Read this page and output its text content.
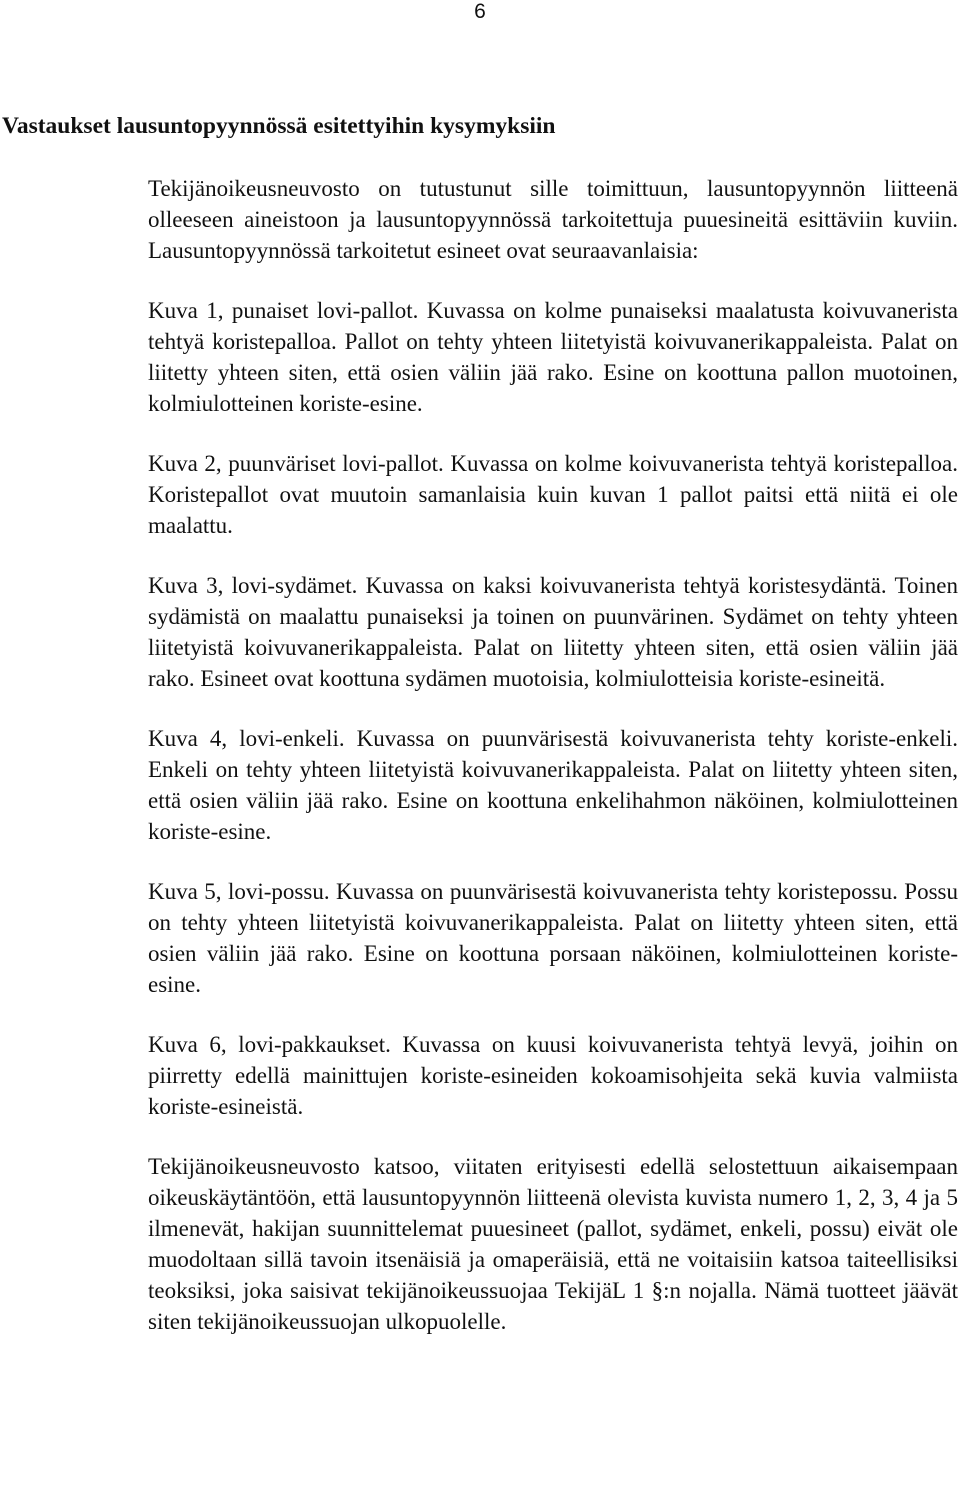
6
Vastaukset lausuntopyynnössä esitettyihin kysymyksiin

Tekijänoikeusneuvosto on tutustunut sille toimittuun, lausuntopyynnön liitteenä olleeseen aineistoon ja lausuntopyynnössä tarkoitettuja puuesineitä esittäviin kuviin. Lausuntopyynnössä tarkoitetut esineet ovat seuraavanlaisia:

Kuva 1, punaiset lovi-pallot. Kuvassa on kolme punaiseksi maalatusta koivuvanerista tehtyä koristepalloa. Pallot on tehty yhteen liitetyistä koivuvanerikappaleista. Palat on liitetty yhteen siten, että osien väliin jää rako. Esine on koottuna pallon muotoinen, kolmiulotteinen koriste-esine.

Kuva 2, puunväriset lovi-pallot. Kuvassa on kolme koivuvanerista tehtyä koristepalloa. Koristepallot ovat muutoin samanlaisia kuin kuvan 1 pallot paitsi että niitä ei ole maalattu.

Kuva 3, lovi-sydämet. Kuvassa on kaksi koivuvanerista tehtyä koristesydäntä. Toinen sydämistä on maalattu punaiseksi ja toinen on puunvärinen. Sydämet on tehty yhteen liitetyistä koivuvanerikappaleista. Palat on liitetty yhteen siten, että osien väliin jää rako. Esineet ovat koottuna sydämen muotoisia, kolmiulotteisia koriste-esineitä.

Kuva 4, lovi-enkeli. Kuvassa on puunvärisestä koivuvanerista tehty koriste-enkeli. Enkeli on tehty yhteen liitetyistä koivuvanerikappaleista. Palat on liitetty yhteen siten, että osien väliin jää rako. Esine on koottuna enkelihahmon näköinen, kolmiulotteinen koriste-esine.

Kuva 5, lovi-possu. Kuvassa on puunvärisestä koivuvanerista tehty koristepossu. Possu on tehty yhteen liitetyistä koivuvanerikappaleista. Palat on liitetty yhteen siten, että osien väliin jää rako. Esine on koottuna porsaan näköinen, kolmiulotteinen koriste-esine.

Kuva 6, lovi-pakkaukset. Kuvassa on kuusi koivuvanerista tehtyä levyä, joihin on piirretty edellä mainittujen koriste-esineiden kokoamisohjeita sekä kuvia valmiista koriste-esineistä.

Tekijänoikeusneuvosto katsoo, viitaten erityisesti edellä selostettuun aikaisempaan oikeuskäytäntöön, että lausuntopyynnön liitteenä olevista kuvista numero 1, 2, 3, 4 ja 5 ilmenevät, hakijan suunnittelemat puuesineet (pallot, sydämet, enkeli, possu) eivät ole muodoltaan sillä tavoin itsenäisiä ja omaperäisiä, että ne voitaisiin katsoa taiteellisiksi teoksiksi, joka saisivat tekijänoikeussuojaa TekijäL 1 §:n nojalla. Nämä tuotteet jäävät siten tekijänoikeussuojan ulkopuolelle.
